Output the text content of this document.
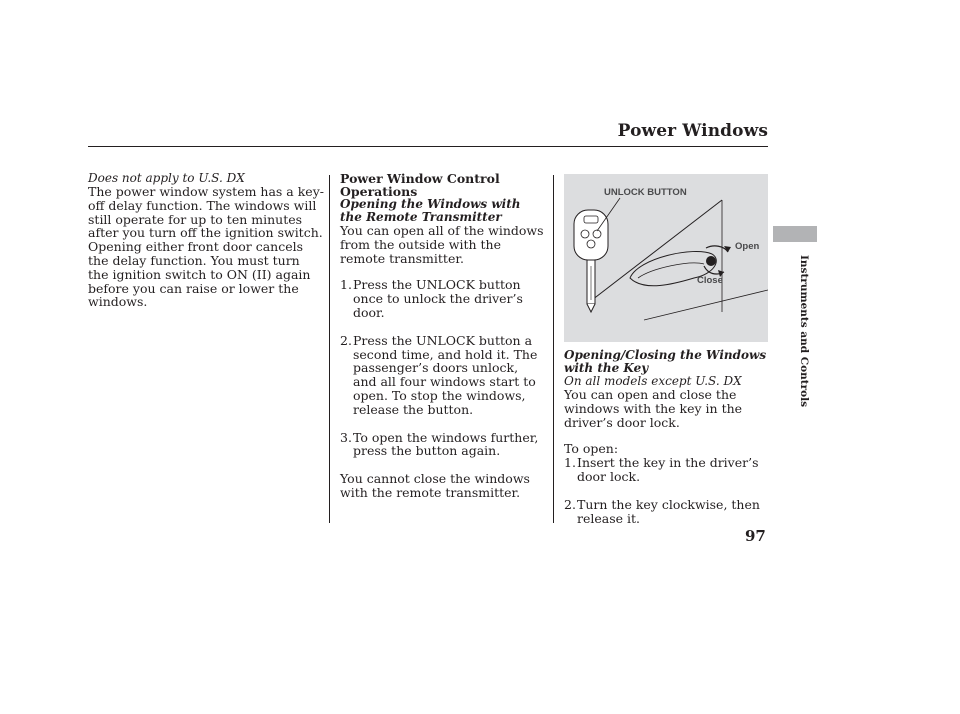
Power Windows
Instruments and Controls
Does not apply to U.S. DX
The power window system has a key-off delay function. The windows will still operate for up to ten minutes after you turn off the ignition switch. Opening either front door cancels the delay function. You must turn the ignition switch to ON (II) again before you can raise or lower the windows.
Power Window Control Operations
Opening the Windows with the Remote Transmitter
You can open all of the windows from the outside with the remote transmitter.
1. Press the UNLOCK button once to unlock the driver’s door.
2. Press the UNLOCK button a second time, and hold it. The passenger’s doors unlock, and all four windows start to open. To stop the windows, release the button.
3. To open the windows further, press the button again.
You cannot close the windows with the remote transmitter.
UNLOCK BUTTON
Open
Close
Opening/Closing the Windows with the Key
On all models except U.S. DX
You can open and close the windows with the key in the driver’s door lock.
To open:
1. Insert the key in the driver’s door lock.
2. Turn the key clockwise, then release it.
97
